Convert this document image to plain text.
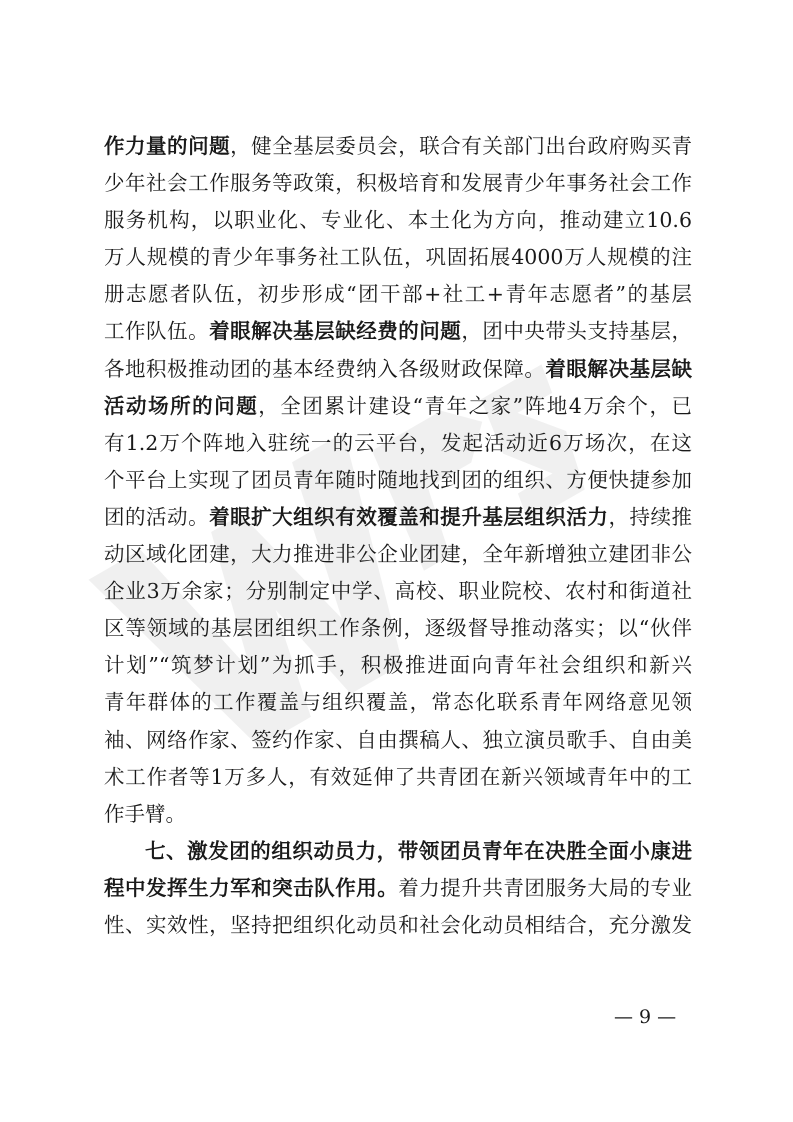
作力量的问题，健全基层委员会，联合有关部门出台政府购买青
少年社会工作服务等政策，积极培育和发展青少年事务社会工作
服务机构，以职业化、专业化、本土化为方向，推动建立10.6
万人规模的青少年事务社工队伍，巩固拓展4000万人规模的注
册志愿者队伍，初步形成“团干部+社工+青年志愿者”的基层
工作队伍。着眼解决基层缺经费的问题，团中央带头支持基层，
各地积极推动团的基本经费纳入各级财政保障。着眼解决基层缺
活动场所的问题，全团累计建设“青年之家”阵地4万余个，已
有1.2万个阵地入驻统一的云平台，发起活动近6万场次，在这
个平台上实现了团员青年随时随地找到团的组织、方便快捷参加
团的活动。着眼扩大组织有效覆盖和提升基层组织活力，持续推
动区域化团建，大力推进非公企业团建，全年新增独立建团非公
企业3万余家；分别制定中学、高校、职业院校、农村和街道社
区等领域的基层团组织工作条例，逐级督导推动落实；以“伙伴
计划”“筑梦计划”为抓手，积极推进面向青年社会组织和新兴
青年群体的工作覆盖与组织覆盖，常态化联系青年网络意见领
袖、网络作家、签约作家、自由撰稿人、独立演员歌手、自由美
术工作者等1万多人，有效延伸了共青团在新兴领域青年中的工
作手臂。
七、激发团的组织动员力，带领团员青年在决胜全面小康进
程中发挥生力军和突击队作用。着力提升共青团服务大局的专业
性、实效性，坚持把组织化动员和社会化动员相结合，充分激发
— 9 —
